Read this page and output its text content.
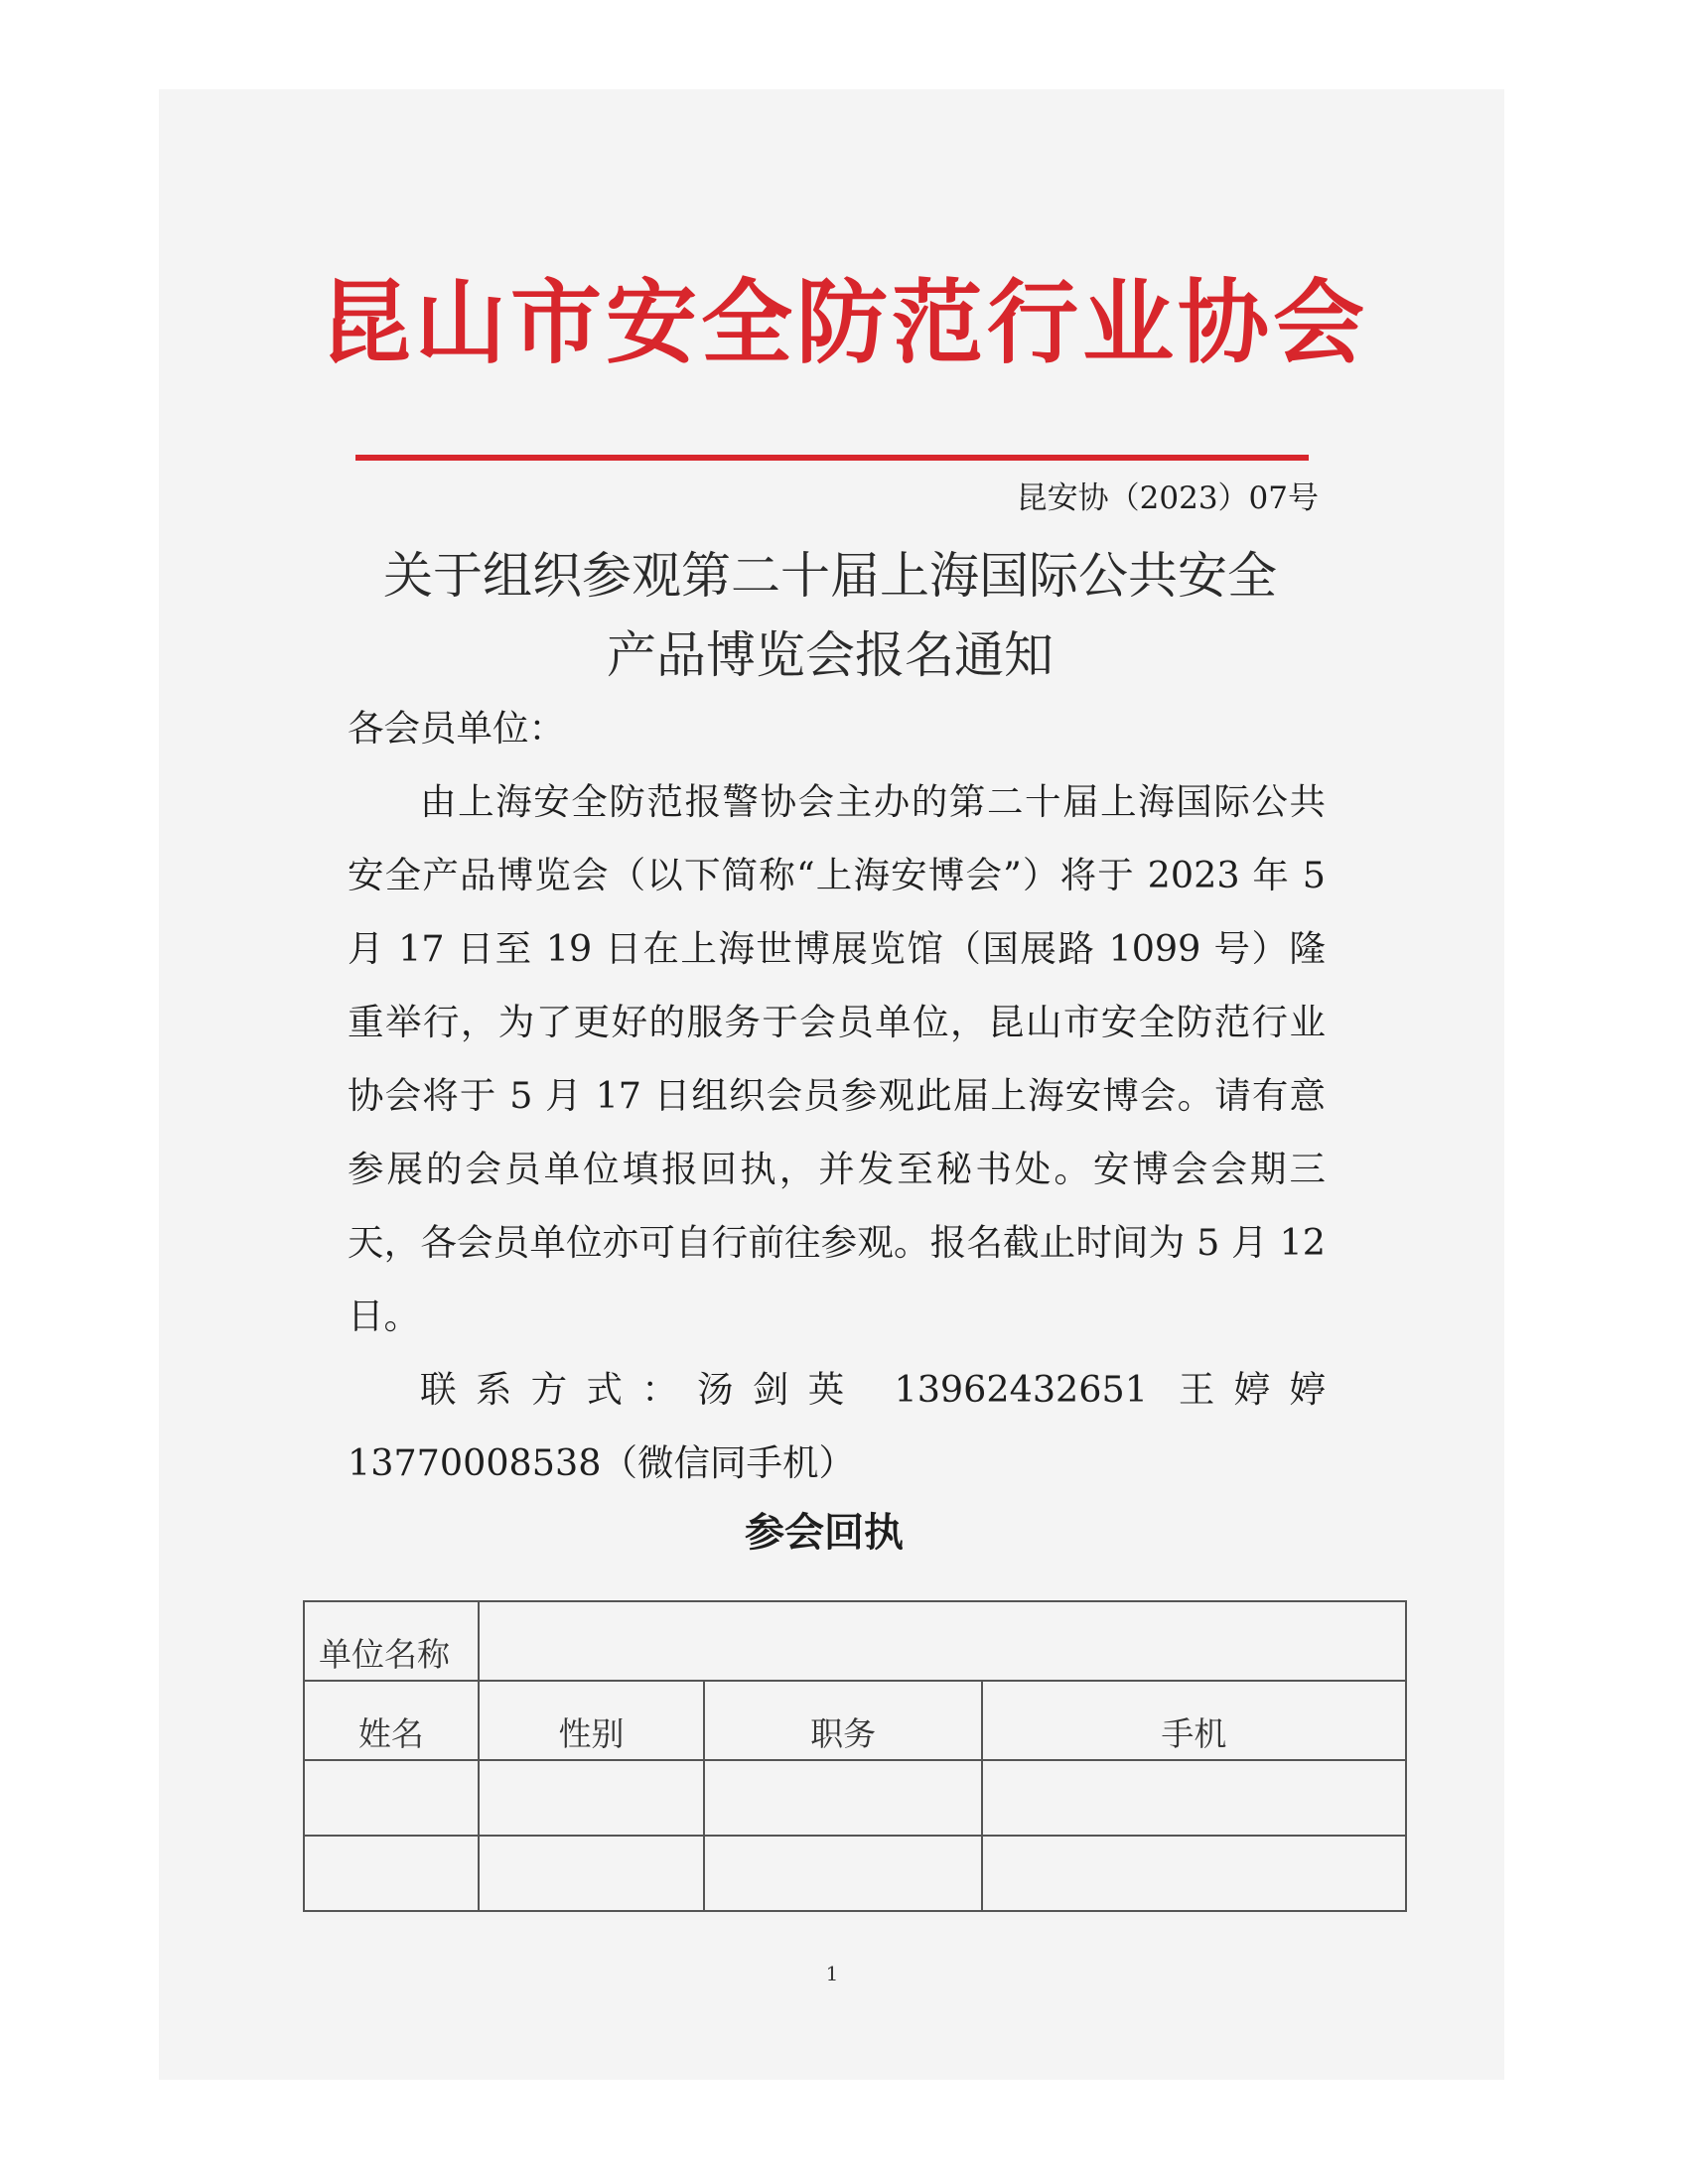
昆山市安全防范行业协会
昆安协（2023）07号
关于组织参观第二十届上海国际公共安全
产品博览会报名通知

各会员单位：

由上海安全防范报警协会主办的第二十届上海国际公共安全产品博览会（以下简称“上海安博会”）将于 2023 年 5 月 17 日至 19 日在上海世博展览馆（国展路 1099 号）隆重举行，为了更好的服务于会员单位，昆山市安全防范行业协会将于 5 月 17 日组织会员参观此届上海安博会。请有意参展的会员单位填报回执，并发至秘书处。安博会会期三天，各会员单位亦可自行前往参观。报名截止时间为 5 月 12 日。

联系方式：汤剑英 13962432651 王婷婷 13770008538（微信同手机）

参会回执
单位名称			
姓名	性别	职务	手机

1
